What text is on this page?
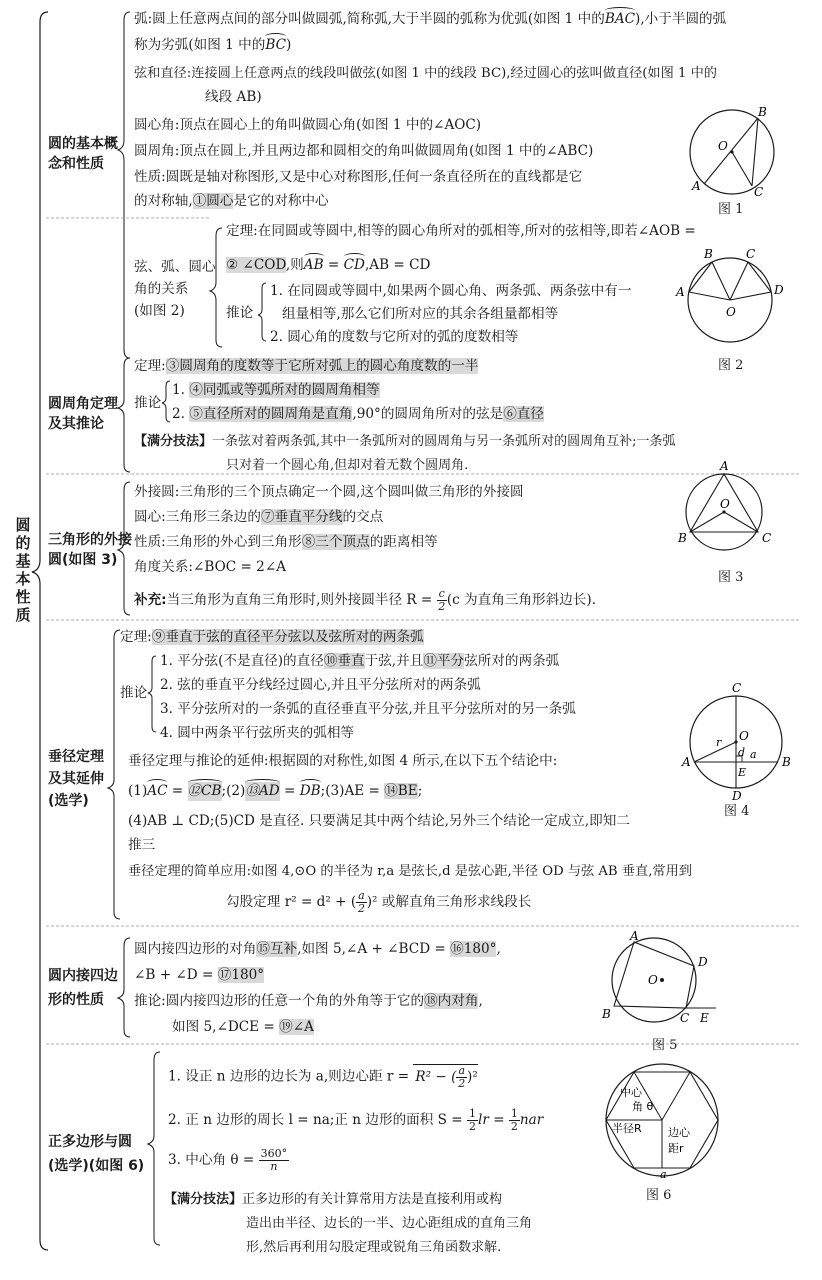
圆
的
基
本
性
质
圆的基本概
念和性质
弧:圆上任意两点间的部分叫做圆弧,简称弧,大于半圆的弧称为优弧(如图 1 中的BAC),小于半圆的弧
称为劣弧(如图 1 中的BC)
弦和直径:连接圆上任意两点的线段叫做弦(如图 1 中的线段 BC),经过圆心的弦叫做直径(如图 1 中的
线段 AB)
圆心角:顶点在圆心上的角叫做圆心角(如图 1 中的∠AOC)
圆周角:顶点在圆上,并且两边都和圆相交的角叫做圆周角(如图 1 中的∠ABC)
性质:圆既是轴对称图形,又是中心对称图形,任何一条直径所在的直线都是它
的对称轴,①圆心是它的对称中心
B
A	C
O
图 1
弦、弧、圆心
角的关系
(如图 2)
定理:在同圆或等圆中,相等的圆心角所对的弧相等,所对的弦相等,即若∠AOB =
② ∠COD,则AB = CD,AB = CD
推论
1. 在同圆或等圆中,如果两个圆心角、两条弧、两条弦中有一
组量相等,那么它们所对应的其余各组量都相等
2. 圆心角的度数与它所对的弧的度数相等
A
B	C
D
O
图 2
圆周角定理
及其推论
定理:③圆周角的度数等于它所对弧上的圆心角度数的一半
推论
1. ④同弧或等弧所对的圆周角相等
2. ⑤直径所对的圆周角是直角,90°的圆周角所对的弦是⑥直径
【满分技法】一条弦对着两条弧,其中一条弧所对的圆周角与另一条弧所对的圆周角互补;一条弧
只对着一个圆心角,但却对着无数个圆周角.
三角形的外接
圆(如图 3)
外接圆:三角形的三个顶点确定一个圆,这个圆叫做三角形的外接圆
圆心:三角形三条边的⑦垂直平分线的交点
性质:三角形的外心到三角形⑧三个顶点的距离相等
角度关系:∠BOC = 2∠A
补充:当三角形为直角三角形时,则外接圆半径 $R = \frac{c}{2} (c$ 为直角三角形斜边长).
A
B	C
O
图 3
垂径定理
及其延伸
(选学)
定理:⑨垂直于弦的直径平分弦以及弦所对的两条弧
推论
1. 平分弦(不是直径)的直径⑩垂直于弦,并且⑪平分弦所对的两条弧
2. 弦的垂直平分线经过圆心,并且平分弦所对的两条弧
3. 平分弦所对的一条弧的直径垂直平分弦,并且平分弦所对的另一条弧
4. 圆中两条平行弦所夹的弧相等
垂径定理与推论的延伸:根据圆的对称性,如图 4 所示,在以下五个结论中:
(1)AC = ⑫CB;(2)⑬AD = DB;(3)AE = ⑭BE;
(4)AB ⊥ CD;(5)CD 是直径. 只要满足其中两个结论,另外三个结论一定成立,即知二
推三
垂径定理的简单应用:如图 4,⊙O 的半径为 r,a 是弦长,d 是弦心距,半径 OD 与弦 AB 垂直,常用到
勾股定理 r² = d² + ( $\frac{a}{2} )^2$ 或解直角三角形求线段长
C
A	B
D
E
O
r
d a
图 4
圆内接四边
形的性质
圆内接四边形的对角⑮互补,如图 5,∠A + ∠BCD = ⑯180°,
∠B + ∠D = ⑰180°
推论:圆内接四边形的任意一个角的外角等于它的⑱内对角,
如图 5,∠DCE = ⑲∠A
A
B	C
D
E
O
图 5
正多边形与圆
(选学)(如图 6)
1. 设正 n 边形的边长为 a,则边心距 r = R² − ( $\frac{a}{2} )^2$
2. 正 n 边形的周长 l = na;正 n 边形的面积 $S = \frac{1}{2}$ lr = $\frac{1}{2}$ nar
3. 中心角 $\theta = \frac{360^\circ}{n}$
【满分技法】正多边形的有关计算常用方法是直接利用或构
造出由半径、边长的一半、边心距组成的直角三角
形,然后再利用勾股定理或锐角三角函数求解.
中心
角 θ
半径R 边心
距r
a
图 6
